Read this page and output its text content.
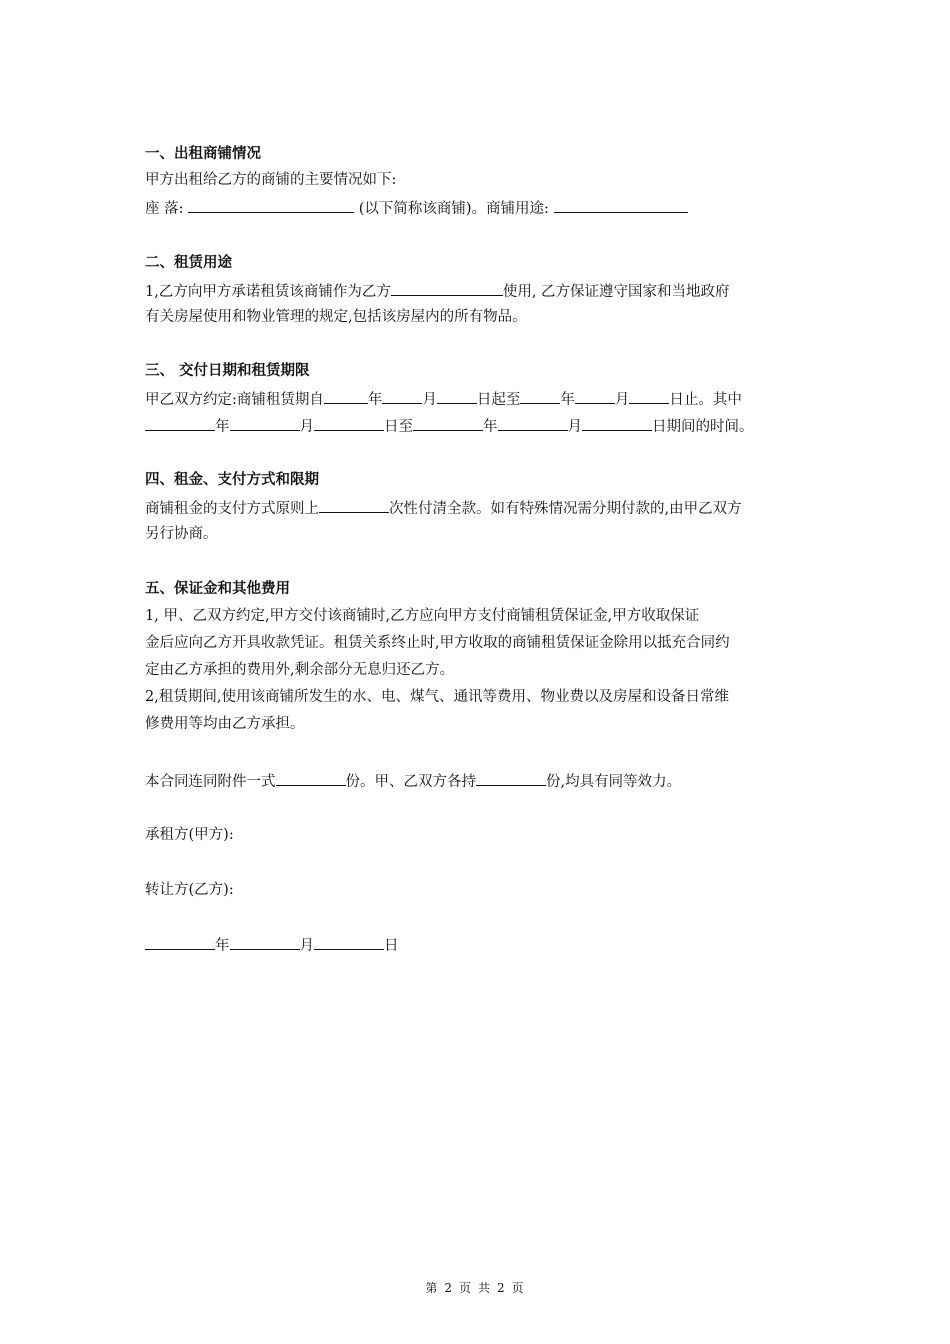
一、出租商铺情况
甲方出租给乙方的商铺的主要情况如下:
座 落:	(以下简称该商铺)。商铺用途:
二、租赁用途
1,乙方向甲方承诺租赁该商铺作为乙方	使用, 乙方保证遵守国家和当地政府
有关房屋使用和物业管理的规定,包括该房屋内的所有物品。
三、 交付日期和租赁期限
甲乙双方约定:商铺租赁期自	年	月	日起至	年	月	日止。其中
年	月	日至	年	月	日期间的时间。
四、租金、支付方式和限期
商铺租金的支付方式原则上	次性付清全款。如有特殊情况需分期付款的,由甲乙双方
另行协商。
五、保证金和其他费用
1, 甲、乙双方约定,甲方交付该商铺时,乙方应向甲方支付商铺租赁保证金,甲方收取保证
金后应向乙方开具收款凭证。租赁关系终止时,甲方收取的商铺租赁保证金除用以抵充合同约
定由乙方承担的费用外,剩余部分无息归还乙方。
2,租赁期间,使用该商铺所发生的水、电、煤气、通讯等费用、物业费以及房屋和设备日常维
修费用等均由乙方承担。
本合同连同附件一式	份。甲、乙双方各持	份,均具有同等效力。
承租方(甲方):
转让方(乙方):
年	月	日
第 2 页 共 2 页
